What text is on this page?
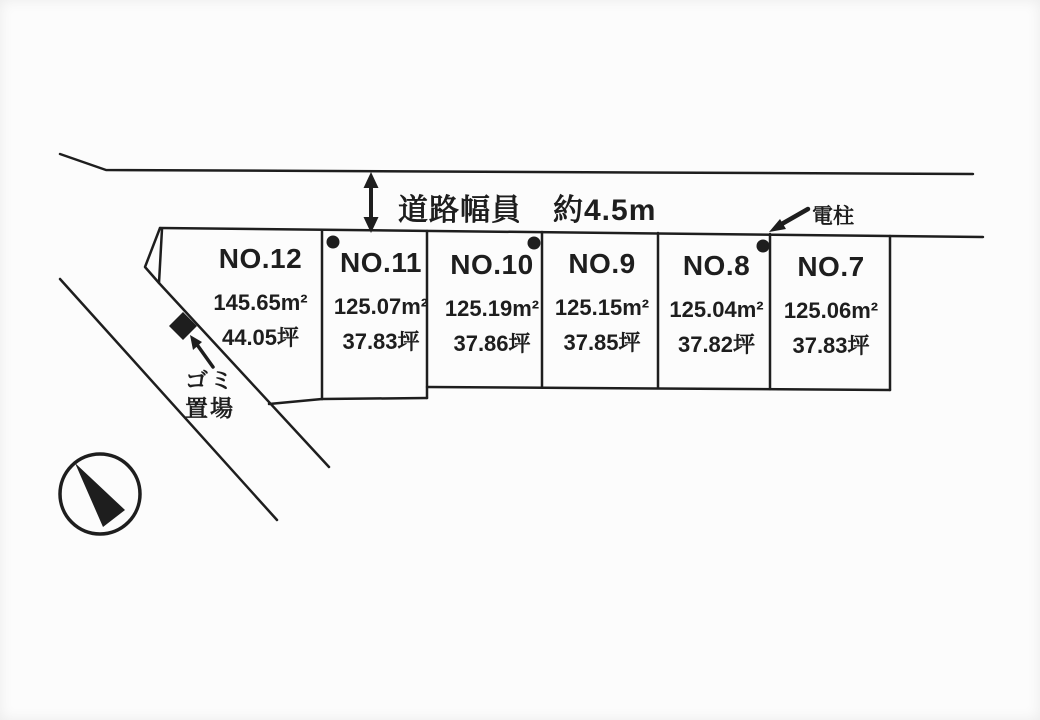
道路幅員　約4.5m	電柱
ゴミ
置場
NO.12
145.65m²
44.05坪
NO.11
125.07m²
37.83坪
NO.10
125.19m²
37.86坪
NO.9
125.15m²
37.85坪
NO.8
125.04m²
37.82坪
NO.7
125.06m²
37.83坪
